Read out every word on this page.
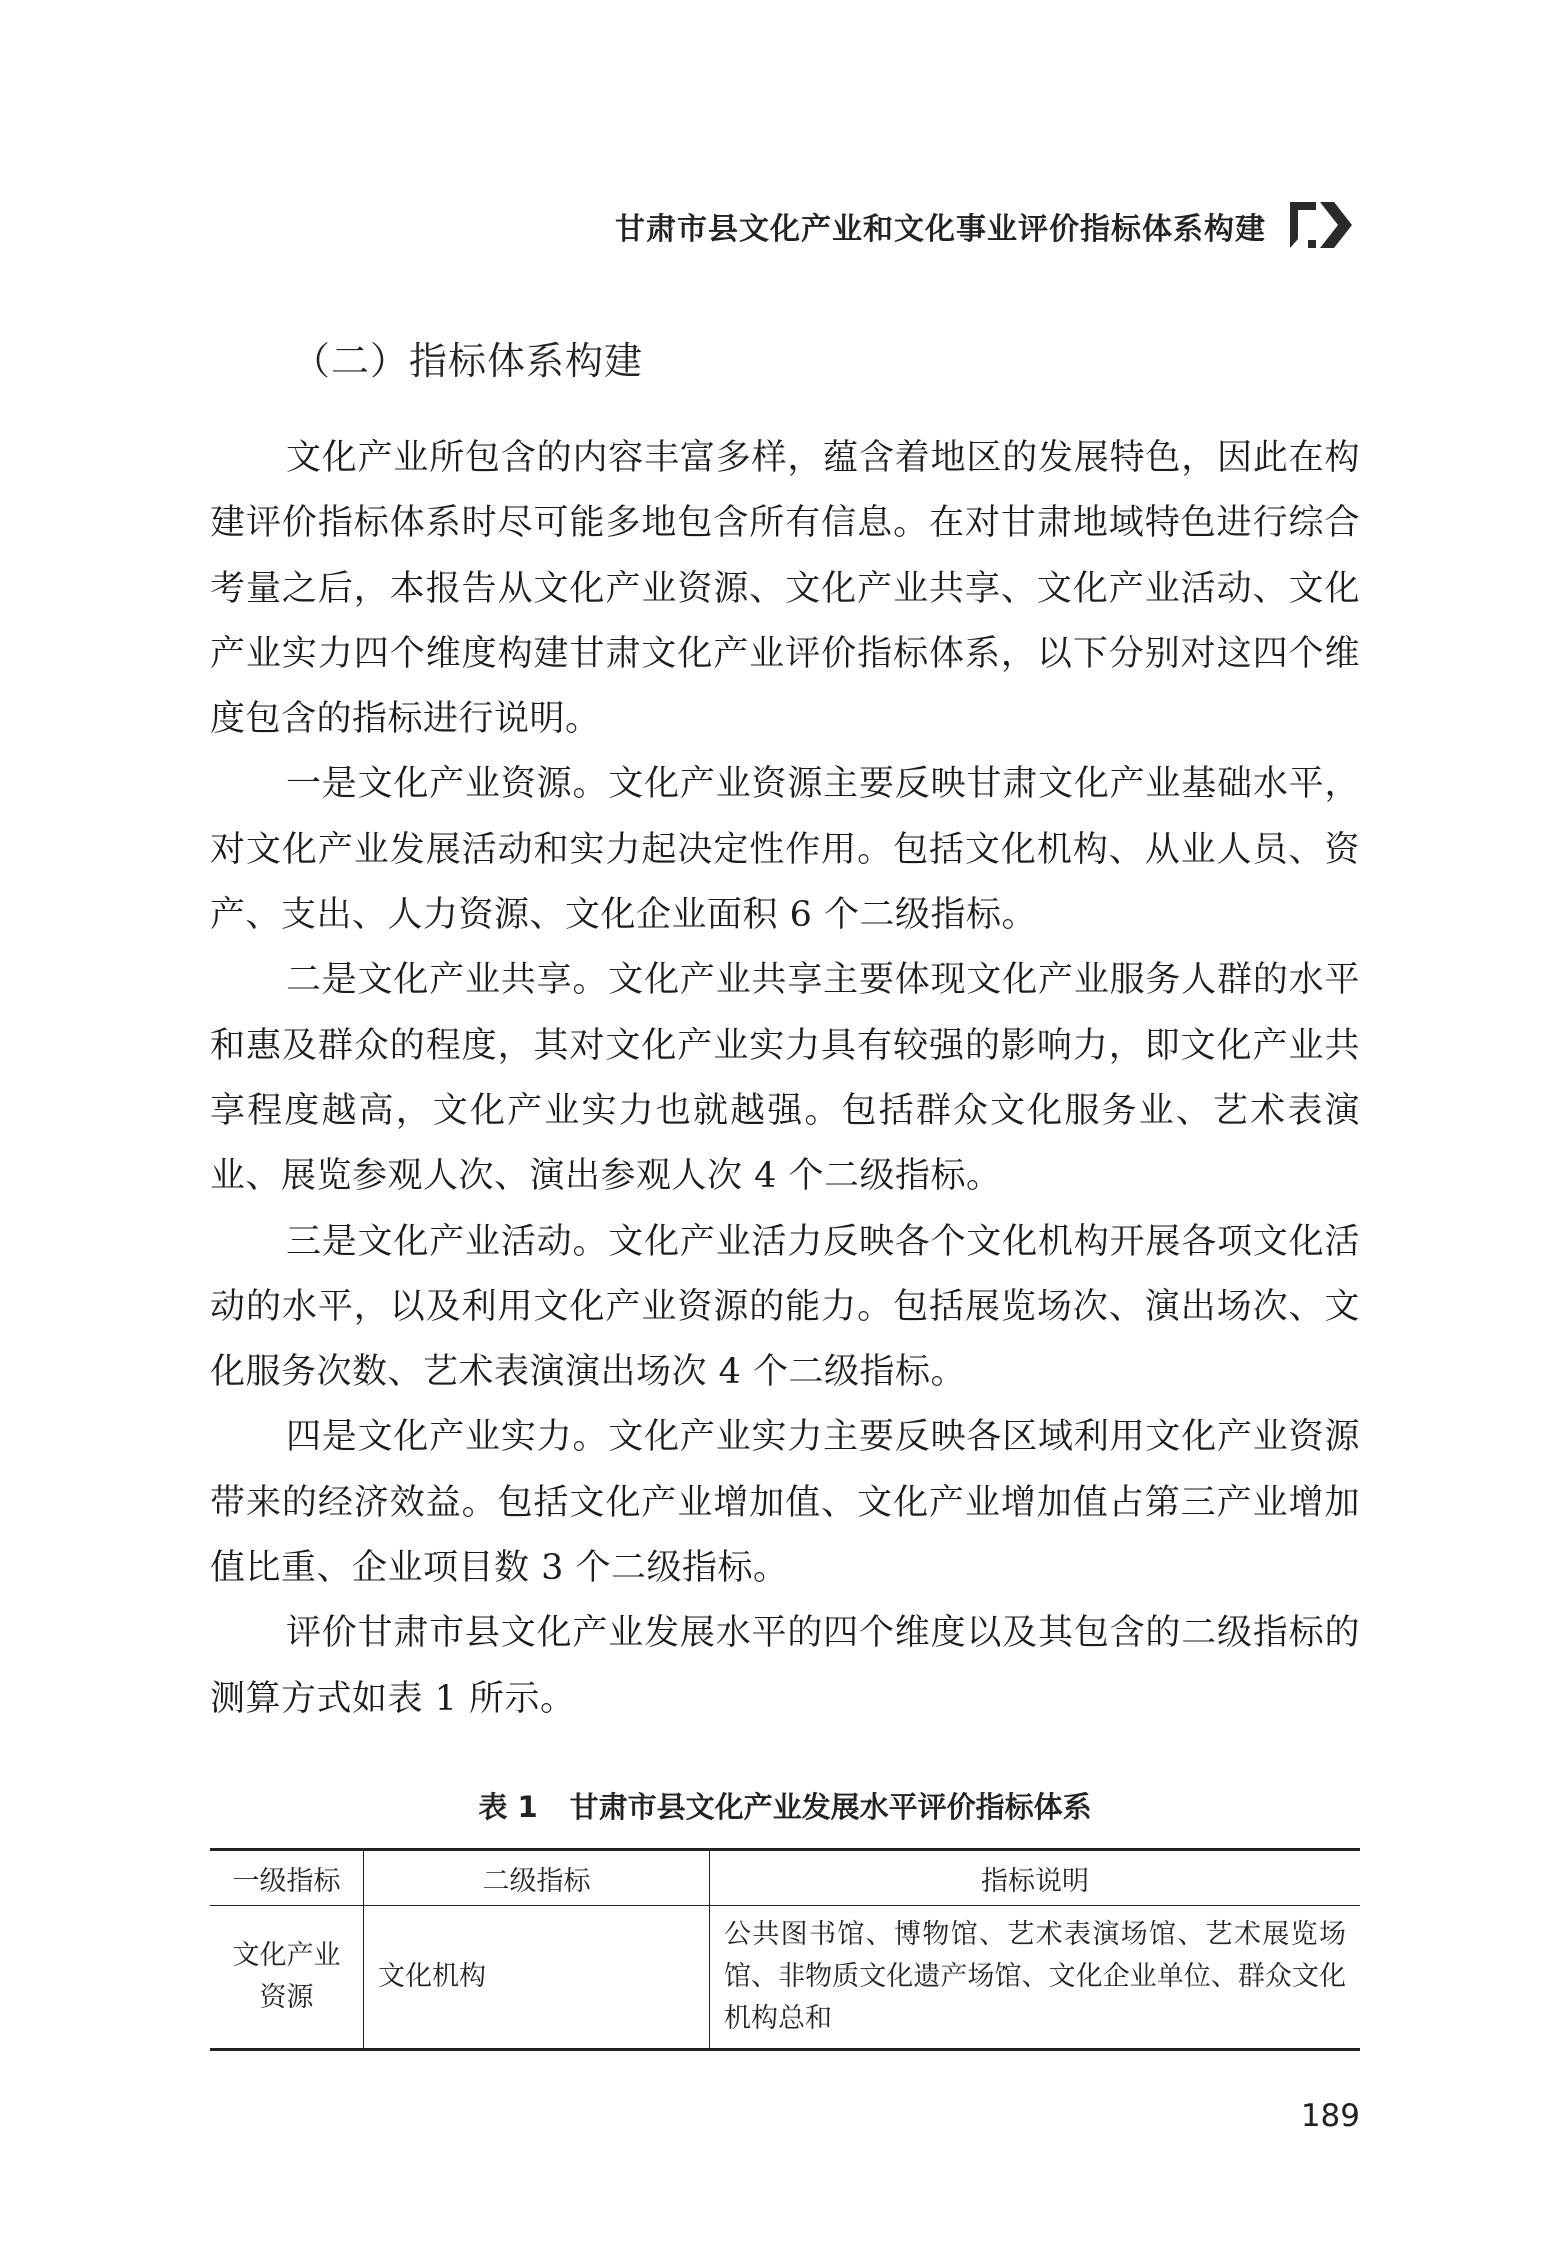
甘肃市县文化产业和文化事业评价指标体系构建
（二）指标体系构建

文化产业所包含的内容丰富多样，蕴含着地区的发展特色，因此在构建评价指标体系时尽可能多地包含所有信息。在对甘肃地域特色进行综合考量之后，本报告从文化产业资源、文化产业共享、文化产业活动、文化产业实力四个维度构建甘肃文化产业评价指标体系，以下分别对这四个维度包含的指标进行说明。

一是文化产业资源。文化产业资源主要反映甘肃文化产业基础水平，对文化产业发展活动和实力起决定性作用。包括文化机构、从业人员、资产、支出、人力资源、文化企业面积 6 个二级指标。

二是文化产业共享。文化产业共享主要体现文化产业服务人群的水平和惠及群众的程度，其对文化产业实力具有较强的影响力，即文化产业共享程度越高，文化产业实力也就越强。包括群众文化服务业、艺术表演业、展览参观人次、演出参观人次 4 个二级指标。

三是文化产业活动。文化产业活力反映各个文化机构开展各项文化活动的水平，以及利用文化产业资源的能力。包括展览场次、演出场次、文化服务次数、艺术表演演出场次 4 个二级指标。

四是文化产业实力。文化产业实力主要反映各区域利用文化产业资源带来的经济效益。包括文化产业增加值、文化产业增加值占第三产业增加值比重、企业项目数 3 个二级指标。

评价甘肃市县文化产业发展水平的四个维度以及其包含的二级指标的测算方式如表 1 所示。

表 1 甘肃市县文化产业发展水平评价指标体系
一级指标	二级指标	指标说明
文化产业资源	文化机构	公共图书馆、博物馆、艺术表演场馆、艺术展览场馆、非物质文化遗产场馆、文化企业单位、群众文化机构总和
189
